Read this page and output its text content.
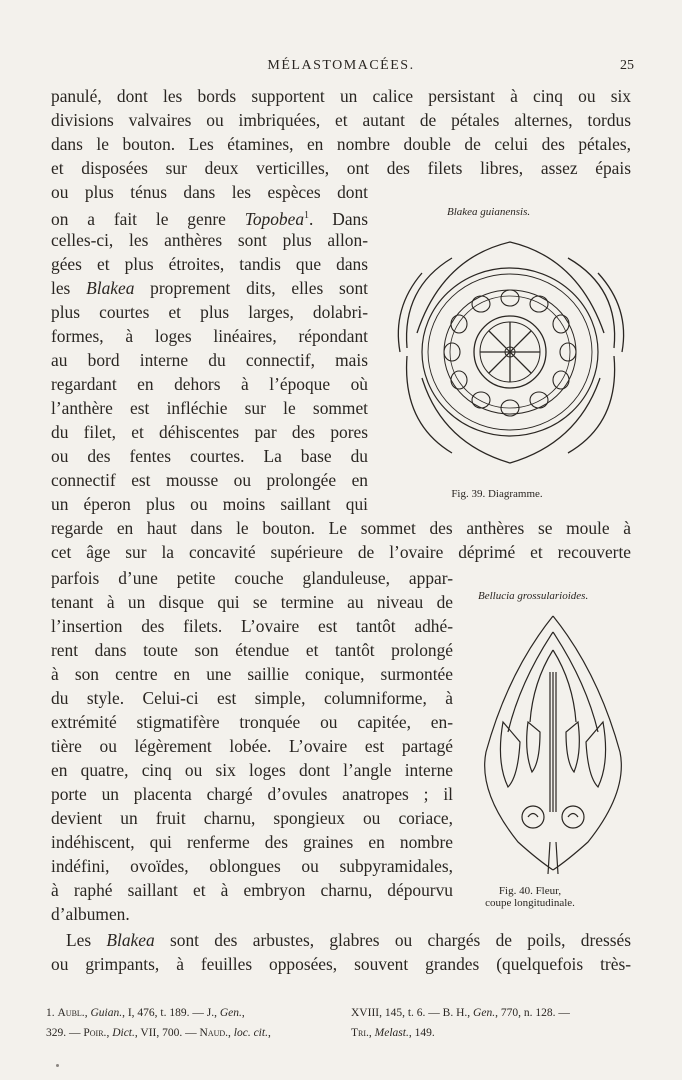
MÉLASTOMACÉES.	25
panulé, dont les bords supportent un calice persistant à cinq ou six
divisions valvaires ou imbriquées, et autant de pétales alternes, tordus
dans le bouton. Les étamines, en nombre double de celui des pétales,
et disposées sur deux verticilles, ont des filets libres, assez épais
ou plus ténus dans les espèces dont
on a fait le genre Topobea$^1$. Dans
celles-ci, les anthères sont plus allon-
gées et plus étroites, tandis que dans
les Blakea proprement dits, elles sont
plus courtes et plus larges, dolabri-
formes, à loges linéaires, répondant
au bord interne du connectif, mais
regardant en dehors à l’époque où
l’anthère est infléchie sur le sommet
du filet, et déhiscentes par des pores
ou des fentes courtes. La base du
connectif est mousse ou prolongée en
un éperon plus ou moins saillant qui
regarde en haut dans le bouton. Le sommet des anthères se moule à
cet âge sur la concavité supérieure de l’ovaire déprimé et recouverte
parfois d’une petite couche glanduleuse, appar-
tenant à un disque qui se termine au niveau de
l’insertion des filets. L’ovaire est tantôt adhé-
rent dans toute son étendue et tantôt prolongé
à son centre en une saillie conique, surmontée
du style. Celui-ci est simple, columniforme, à
extrémité stigmatifère tronquée ou capitée, en-
tière ou légèrement lobée. L’ovaire est partagé
en quatre, cinq ou six loges dont l’angle interne
porte un placenta chargé d’ovules anatropes ; il
devient un fruit charnu, spongieux ou coriace,
indéhiscent, qui renferme des graines en nombre
indéfini, ovoïdes, oblongues ou subpyramidales,
à raphé saillant et à embryon charnu, dépourvu
d’albumen.
Les Blakea sont des arbustes, glabres ou chargés de poils, dressés
ou grimpants, à feuilles opposées, souvent grandes (quelquefois très-
Blakea guianensis.
Fig. 39. Diagramme.
Bellucia grossularioides.
Fig. 40. Fleur,
coupe longitudinale.
1. Aubl., Guian., I, 476, t. 189. — J., Gen.,	XVIII, 145, t. 6. — B. H., Gen., 770, n. 128. —
329. — Poir., Dict., VII, 700. — Naud., loc. cit.,	Tri., Melast., 149.
